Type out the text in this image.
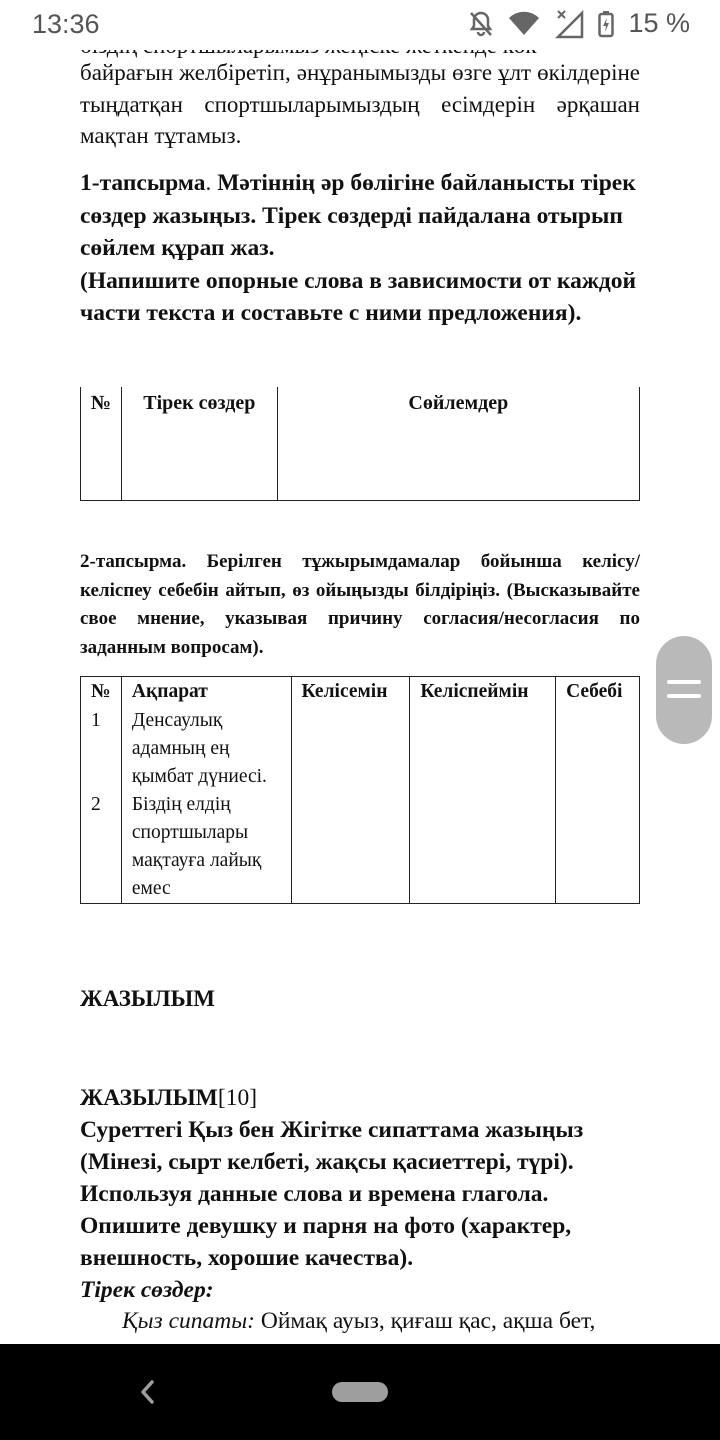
байрағын желбiретiп, әнұранымызды өзге ұлт өкiлдерiне тыңдатқан спортшыларымыздың есiмдерiн әрқашан мақтан тұтамыз.

1-тапсырма. Мәтiннiң әр бөлiгiне байланысты тiрек сөздер жазыңыз. Тiрек сөздердi пайдалана отырып сөйлем құрап жаз.
(Напишите опорные слова в зависимости от каждой части текста и составьте с ними предложения).
№	Тiрек сөздер	Сөйлемдер

2-тапсырма. Берiлген тұжырымдамалар бойынша келiсу/келiспеу себебiн айтып, өз ойыңызды бiлдiрiңiз. (Высказывайте свое мнение, указывая причину согласия/несогласия по заданным вопросам).

№	Ақпарат	Келiсемiн	Келiспеймiн	Себебi
1	Денсаулық адамның ең қымбат дүниесi.			
2	Бiздiң елдiң спортшылары мақтауға лайық емес			
ЖАЗЫЛЫМ
ЖАЗЫЛЫМ[10]
Суреттегi Қыз бен Жiгiтке сипаттама жазыңыз (Мiнезi, сырт келбетi, жақсы қасиеттерi, түрi).
Используя данные слова и времена глагола. Опишите девушку и парня на фото (характер, внешность, хорошие качества).
Тiрек сөздер:
Қыз сипаты: Оймақ ауыз, қиғаш қас, ақша бет,
13:36	15 %
